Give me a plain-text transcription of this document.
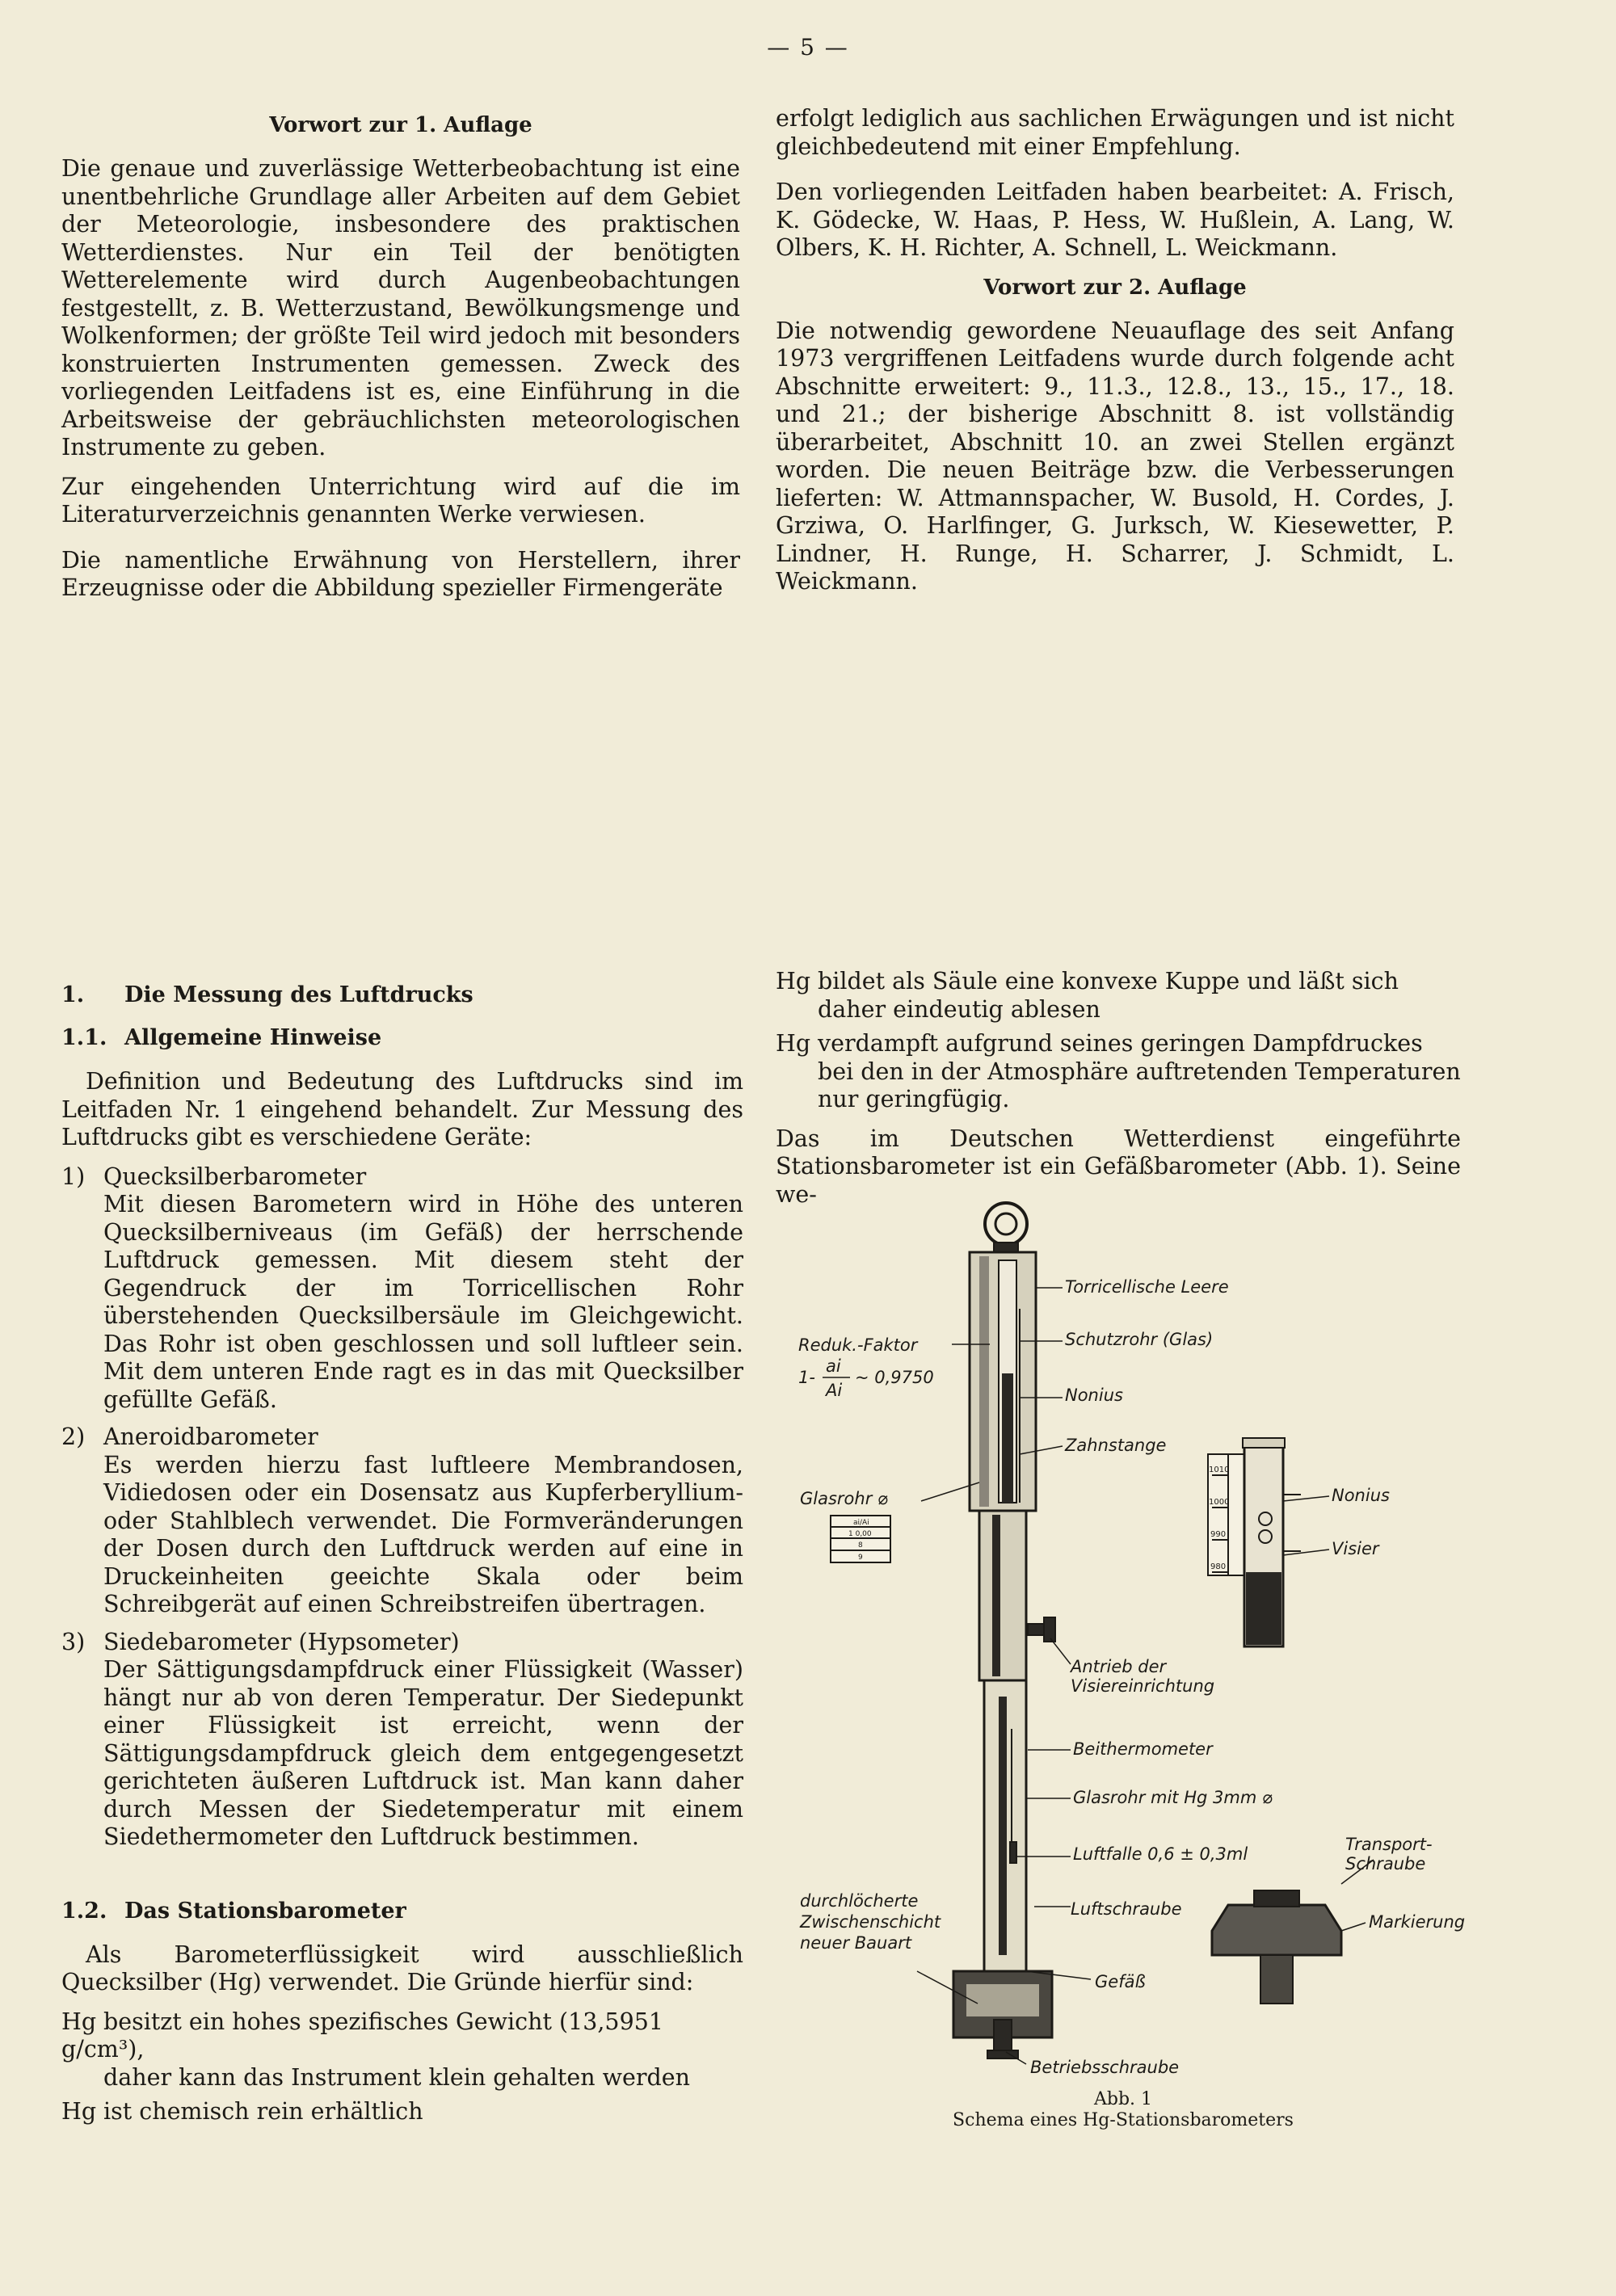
— 5 —
Vorwort zur 1. Auflage

Die genaue und zuverlässige Wetterbeobachtung ist eine unentbehrliche Grundlage aller Arbeiten auf dem Gebiet der Meteorologie, insbesondere des praktischen Wetterdienstes. Nur ein Teil der benötigten Wetterelemente wird durch Augenbeobachtungen festgestellt, z. B. Wetterzustand, Bewölkungsmenge und Wolkenformen; der größte Teil wird jedoch mit besonders konstruierten Instrumenten gemessen. Zweck des vorliegenden Leitfadens ist es, eine Einführung in die Arbeitsweise der gebräuchlichsten meteorologischen Instrumente zu geben.

Zur eingehenden Unterrichtung wird auf die im Literaturverzeichnis genannten Werke verwiesen.

Die namentliche Erwähnung von Herstellern, ihrer Erzeugnisse oder die Abbildung spezieller Firmengeräte

erfolgt lediglich aus sachlichen Erwägungen und ist nicht gleichbedeutend mit einer Empfehlung.

Den vorliegenden Leitfaden haben bearbeitet: A. Frisch, K. Gödecke, W. Haas, P. Hess, W. Hußlein, A. Lang, W. Olbers, K. H. Richter, A. Schnell, L. Weickmann.

Vorwort zur 2. Auflage

Die notwendig gewordene Neuauflage des seit Anfang 1973 vergriffenen Leitfadens wurde durch folgende acht Abschnitte erweitert: 9., 11.3., 12.8., 13., 15., 17., 18. und 21.; der bisherige Abschnitt 8. ist vollständig überarbeitet, Abschnitt 10. an zwei Stellen ergänzt worden. Die neuen Beiträge bzw. die Verbesserungen lieferten: W. Attmannspacher, W. Busold, H. Cordes, J. Grziwa, O. Harlfinger, G. Jurksch, W. Kiesewetter, P. Lindner, H. Runge, H. Scharrer, J. Schmidt, L. Weickmann.

1. Die Messung des Luftdrucks
1.1. Allgemeine Hinweise

Definition und Bedeutung des Luftdrucks sind im Leitfaden Nr. 1 eingehend behandelt. Zur Messung des Luftdrucks gibt es verschiedene Geräte:

1) Quecksilberbarometer
Mit diesen Barometern wird in Höhe des unteren Quecksilberniveaus (im Gefäß) der herrschende Luftdruck gemessen. Mit diesem steht der Gegendruck der im Torricellischen Rohr überstehenden Quecksilbersäule im Gleichgewicht. Das Rohr ist oben geschlossen und soll luftleer sein. Mit dem unteren Ende ragt es in das mit Quecksilber gefüllte Gefäß.
2) Aneroidbarometer
Es werden hierzu fast luftleere Membrandosen, Vidiedosen oder ein Dosensatz aus Kupferberyllium- oder Stahlblech verwendet. Die Formveränderungen der Dosen durch den Luftdruck werden auf eine in Druckeinheiten geeichte Skala oder beim Schreibgerät auf einen Schreibstreifen übertragen.
3) Siedebarometer (Hypsometer)
Der Sättigungsdampfdruck einer Flüssigkeit (Wasser) hängt nur ab von deren Temperatur. Der Siedepunkt einer Flüssigkeit ist erreicht, wenn der Sättigungsdampfdruck gleich dem entgegengesetzt gerichteten äußeren Luftdruck ist. Man kann daher durch Messen der Siedetemperatur mit einem Siedethermometer den Luftdruck bestimmen.
1.2. Das Stationsbarometer

Als Barometerflüssigkeit wird ausschließlich Quecksilber (Hg) verwendet. Die Gründe hierfür sind:

Hg besitzt ein hohes spezifisches Gewicht (13,5951 g/cm³),
daher kann das Instrument klein gehalten werden
Hg ist chemisch rein erhältlich
Hg bildet als Säule eine konvexe Kuppe und läßt sich
daher eindeutig ablesen
Hg verdampft aufgrund seines geringen Dampfdruckes
bei den in der Atmosphäre auftretenden Temperaturen nur geringfügig.

Das im Deutschen Wetterdienst eingeführte Stationsbarometer ist ein Gefäßbarometer (Abb. 1). Seine we-

Torricellische Leere
Schutzrohr (Glas)
Reduk.-Faktor
1-
ai
Ai
~ 0,9750
Nonius
Zahnstange
Glasrohr ⌀	Nonius
Visier
Antrieb der
Visiereinrichtung
Beithermometer
Glasrohr mit Hg 3mm ⌀
Luftfalle 0,6 ± 0,3ml	Transport-
Schraube
durchlöcherte
Zwischenschicht
neuer Bauart
Luftschraube
Markierung
Gefäß
Betriebsschraube
1010
1000
990
980
ai/Ai
1 0,00
8
9
Abb. 1
Schema eines Hg-Stationsbarometers
